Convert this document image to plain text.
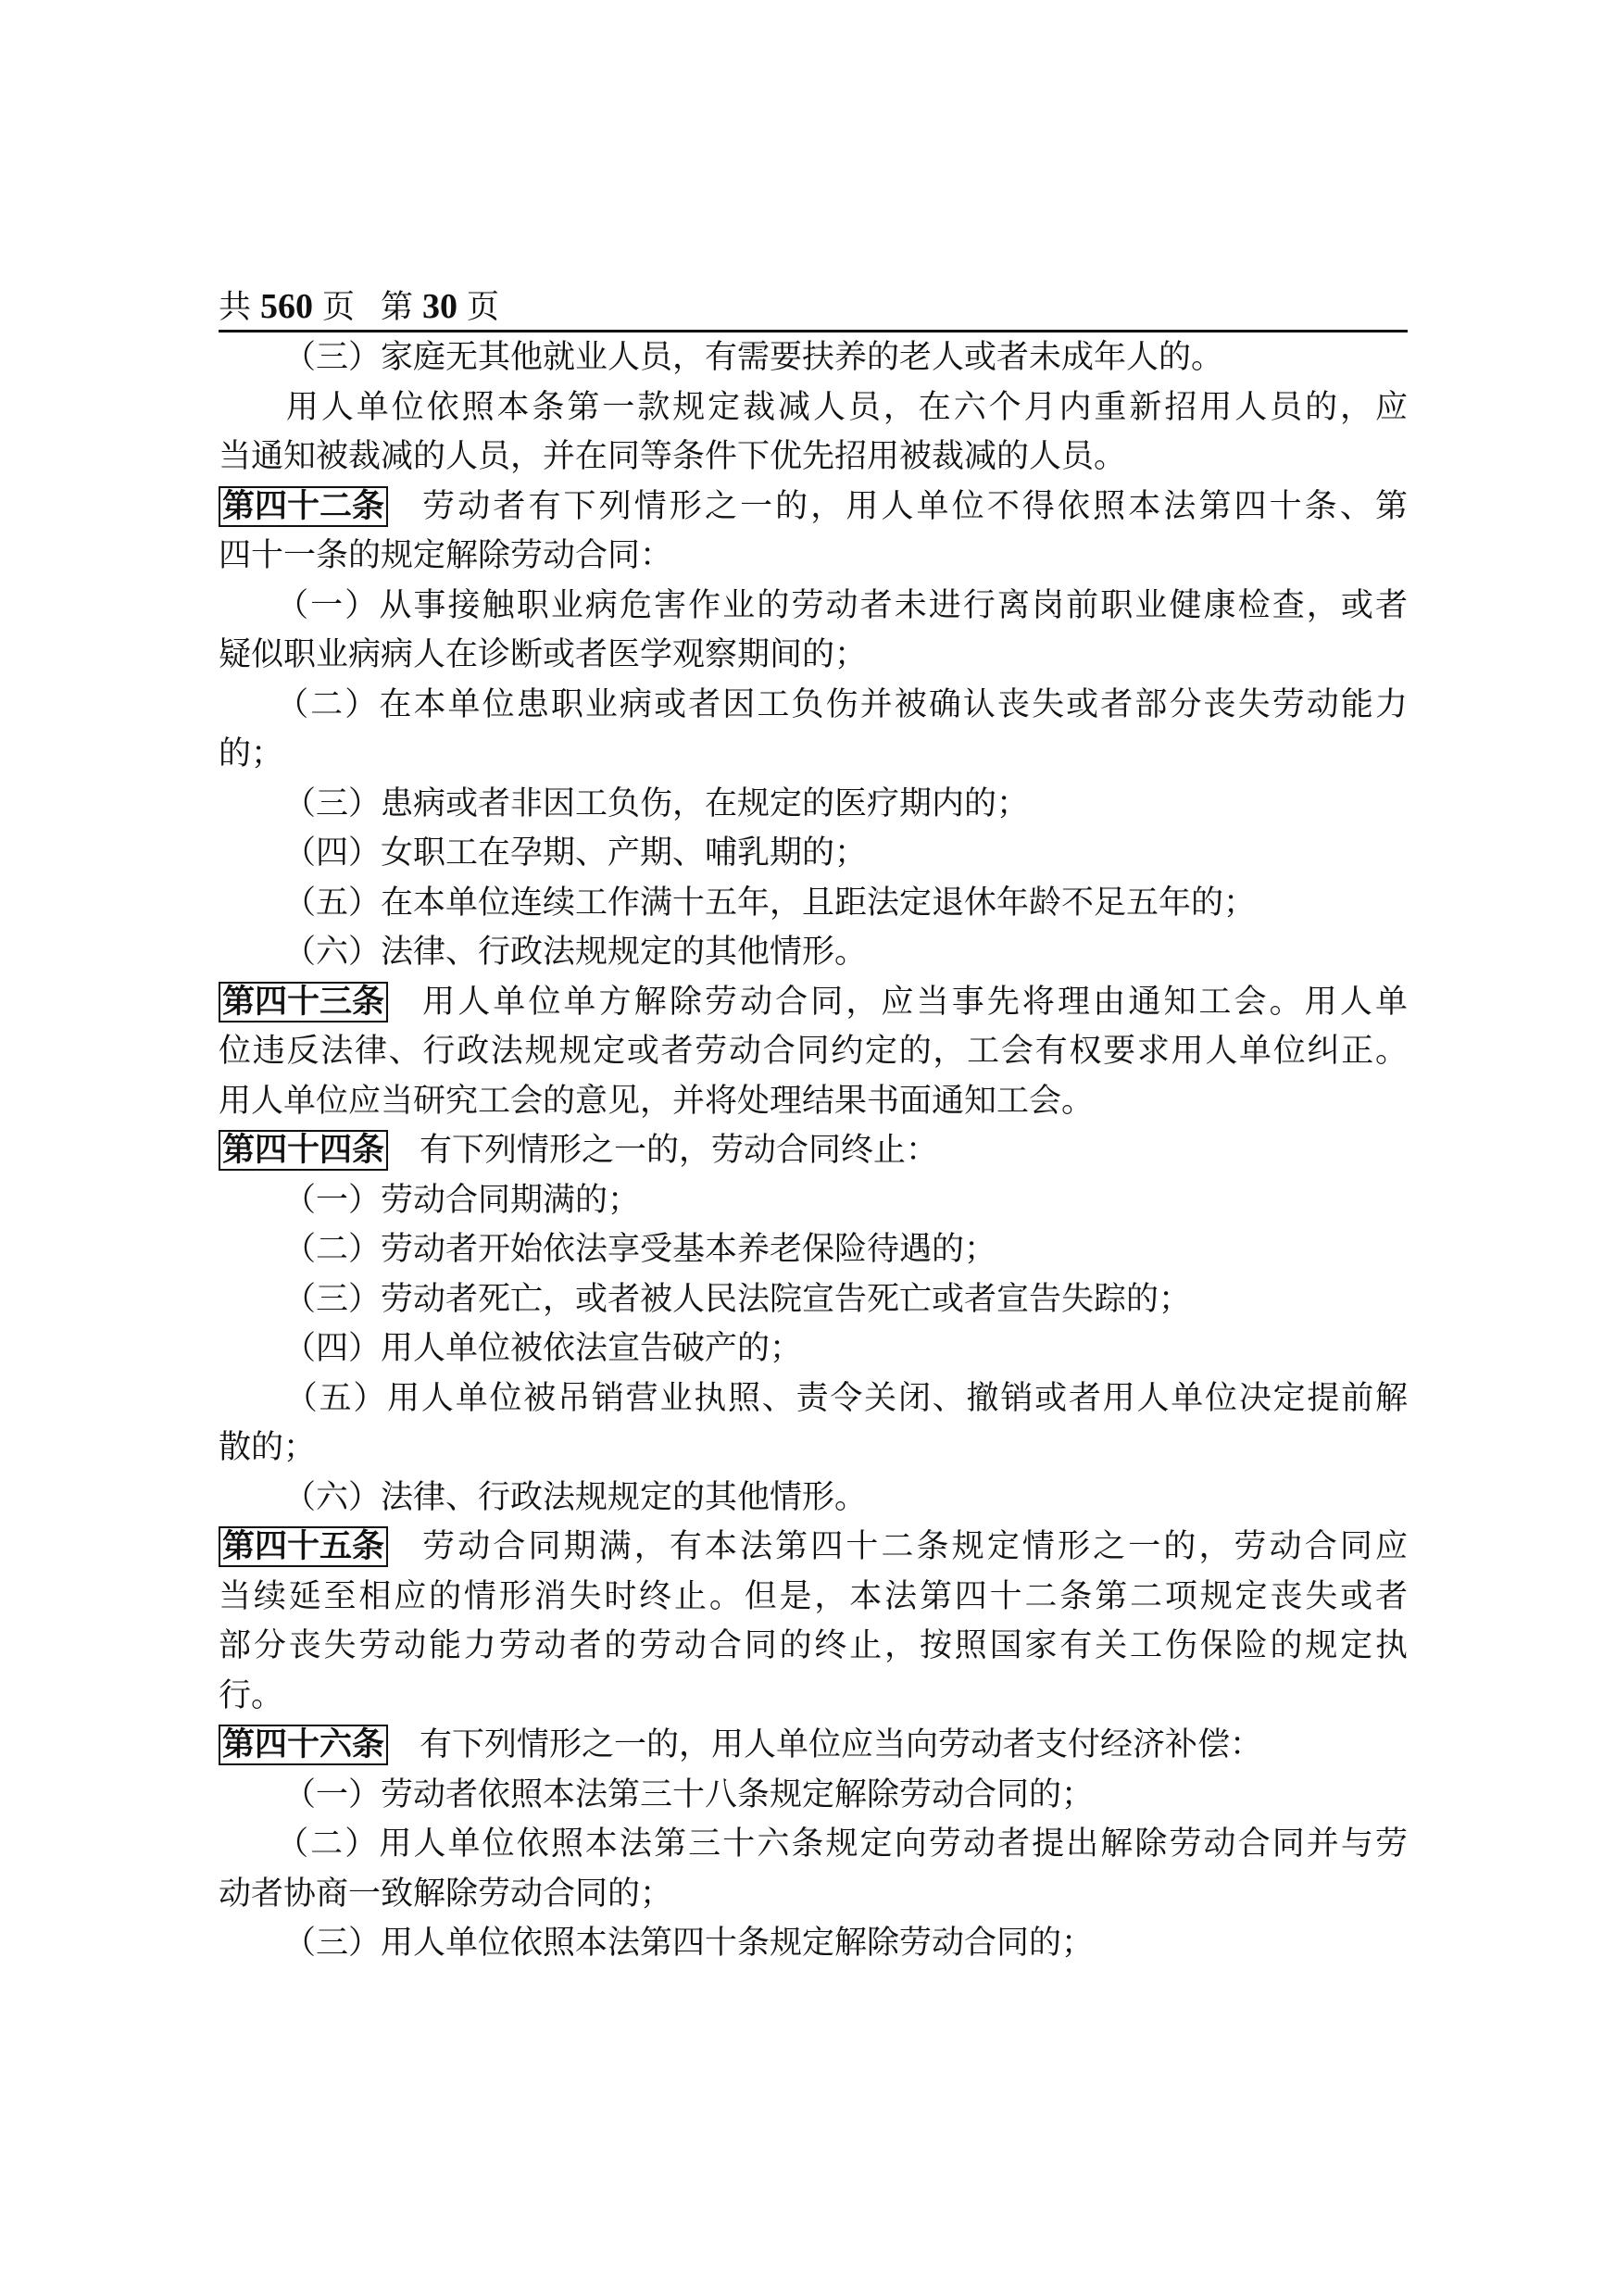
共 560 页 第 30 页
（三）家庭无其他就业人员，有需要扶养的老人或者未成年人的。
用人单位依照本条第一款规定裁减人员，在六个月内重新招用人员的，应
当通知被裁减的人员，并在同等条件下优先招用被裁减的人员。
第四十二条 劳动者有下列情形之一的，用人单位不得依照本法第四十条、第
四十一条的规定解除劳动合同：
（一）从事接触职业病危害作业的劳动者未进行离岗前职业健康检查，或者
疑似职业病病人在诊断或者医学观察期间的；
（二）在本单位患职业病或者因工负伤并被确认丧失或者部分丧失劳动能力
的；
（三）患病或者非因工负伤，在规定的医疗期内的；
（四）女职工在孕期、产期、哺乳期的；
（五）在本单位连续工作满十五年，且距法定退休年龄不足五年的；
（六）法律、行政法规规定的其他情形。
第四十三条 用人单位单方解除劳动合同，应当事先将理由通知工会。用人单
位违反法律、行政法规规定或者劳动合同约定的，工会有权要求用人单位纠正。
用人单位应当研究工会的意见，并将处理结果书面通知工会。
第四十四条 有下列情形之一的，劳动合同终止：
（一）劳动合同期满的；
（二）劳动者开始依法享受基本养老保险待遇的；
（三）劳动者死亡，或者被人民法院宣告死亡或者宣告失踪的；
（四）用人单位被依法宣告破产的；
（五）用人单位被吊销营业执照、责令关闭、撤销或者用人单位决定提前解
散的；
（六）法律、行政法规规定的其他情形。
第四十五条 劳动合同期满，有本法第四十二条规定情形之一的，劳动合同应
当续延至相应的情形消失时终止。但是，本法第四十二条第二项规定丧失或者
部分丧失劳动能力劳动者的劳动合同的终止，按照国家有关工伤保险的规定执
行。
第四十六条 有下列情形之一的，用人单位应当向劳动者支付经济补偿：
（一）劳动者依照本法第三十八条规定解除劳动合同的；
（二）用人单位依照本法第三十六条规定向劳动者提出解除劳动合同并与劳
动者协商一致解除劳动合同的；
（三）用人单位依照本法第四十条规定解除劳动合同的；
